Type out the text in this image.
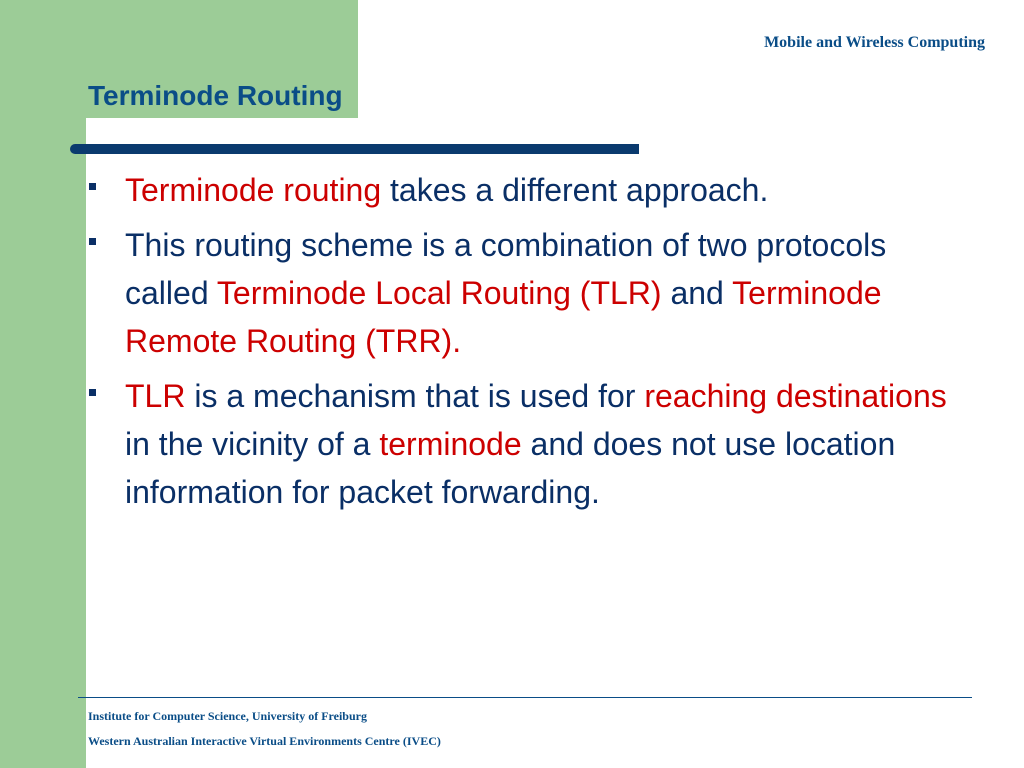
Mobile and Wireless Computing
Terminode Routing
Terminode routing takes a different approach.
This routing scheme is a combination of two protocols called Terminode Local Routing (TLR) and Terminode Remote Routing (TRR).
TLR is a mechanism that is used for reaching destinations in the vicinity of a terminode and does not use location information for packet forwarding.
Institute for Computer Science, University of Freiburg
Western Australian Interactive Virtual Environments Centre (IVEC)
